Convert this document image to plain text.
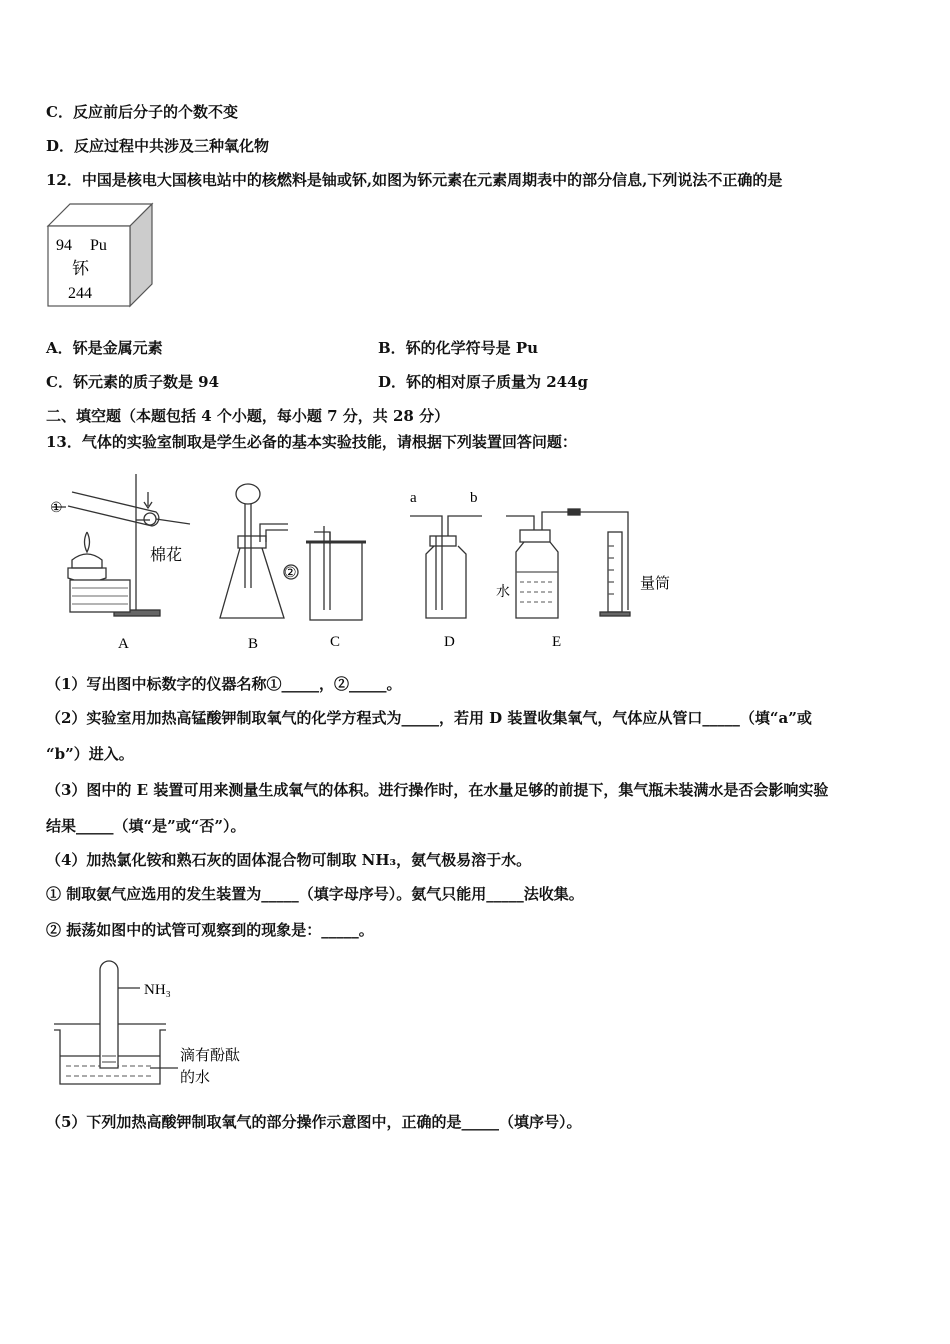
C．反应前后分子的个数不变
D．反应过程中共涉及三种氧化物
12．中国是核电大国核电站中的核燃料是铀或钚,如图为钚元素在元素周期表中的部分信息,下列说法不正确的是
94 Pu
钚
244
A．钚是金属元素	B．钚的化学符号是 Pu
C．钚元素的质子数是 94	D．钚的相对原子质量为 244g
二、填空题（本题包括 4 个小题，每小题 7 分，共 28 分）
13．气体的实验室制取是学生必备的基本实验技能，请根据下列装置回答问题：
①
②
棉花
a	b
水
量筒
A	B	C	D	E
（1）写出图中标数字的仪器名称①_____，②_____。
（2）实验室用加热高锰酸钾制取氧气的化学方程式为_____，若用 D 装置收集氧气，气体应从管口_____（填“a”或
“b”）进入。
（3）图中的 E 装置可用来测量生成氧气的体积。进行操作时，在水量足够的前提下，集气瓶未装满水是否会影响实验
结果_____（填“是”或“否”）。
（4）加热氯化铵和熟石灰的固体混合物可制取 NH₃，氨气极易溶于水。
① 制取氨气应选用的发生装置为_____（填字母序号）。氨气只能用_____法收集。
② 振荡如图中的试管可观察到的现象是：_____。
NH₃
滴有酚酞
的水
（5）下列加热高酸钾制取氧气的部分操作示意图中，正确的是_____（填序号）。
